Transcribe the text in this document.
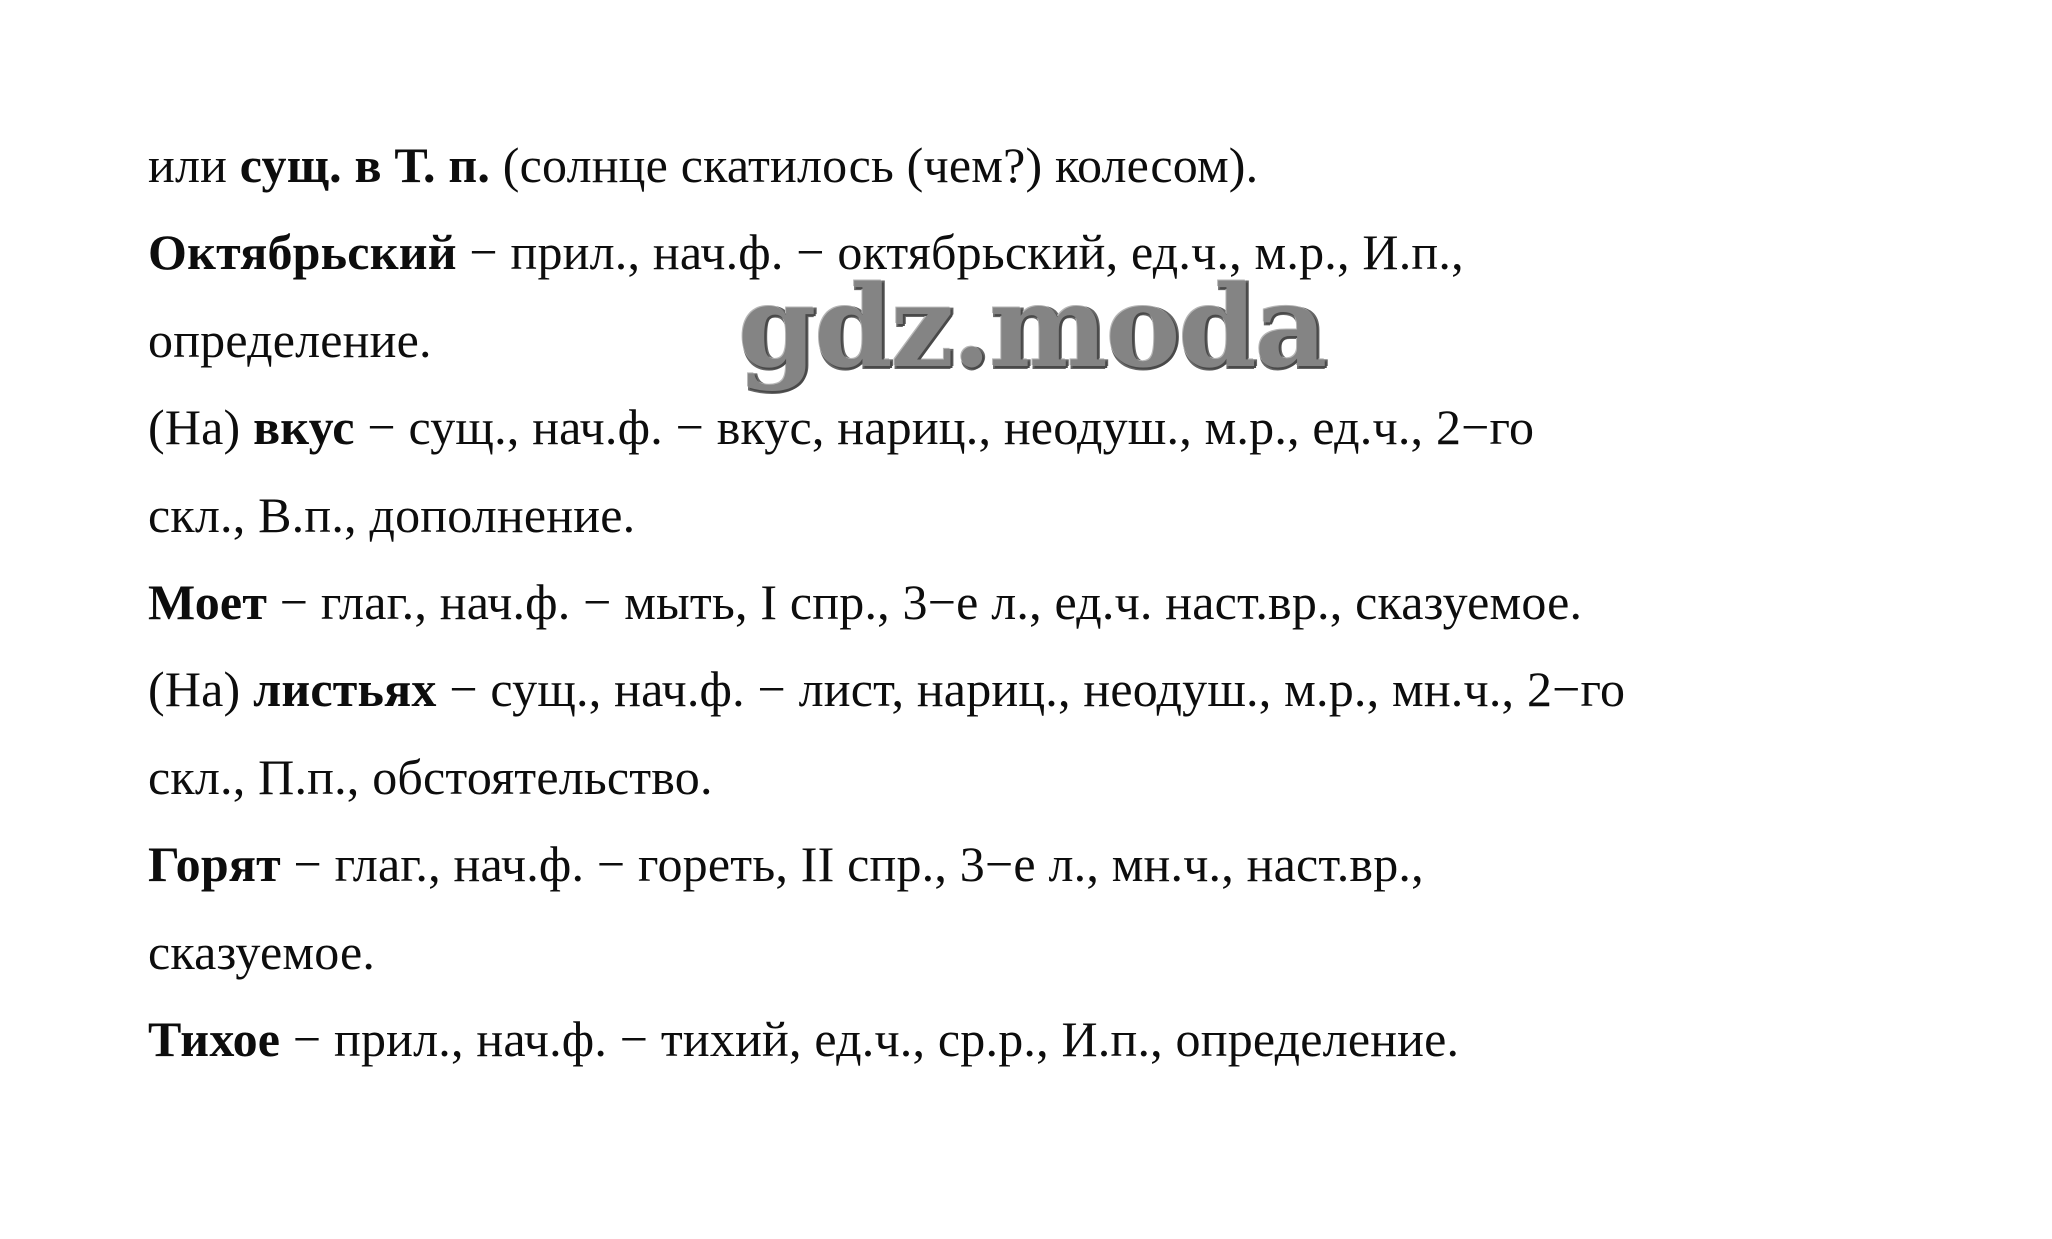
или сущ. в Т. п. (солнце скатилось (чем?) колесом).
Октябрьский − прил., нач.ф. − октябрьский, ед.ч., м.р., И.п.,
определение.
(На) вкус − сущ., нач.ф. − вкус, нариц., неодуш., м.р., ед.ч., 2−го
скл., В.п., дополнение.
Моет − глаг., нач.ф. − мыть, I спр., 3−е л., ед.ч. наст.вр., сказуемое.
(На) листьях − сущ., нач.ф. − лист, нариц., неодуш., м.р., мн.ч., 2−го
скл., П.п., обстоятельство.
Горят − глаг., нач.ф. − гореть, II спр., 3−е л., мн.ч., наст.вр.,
сказуемое.
Тихое − прил., нач.ф. − тихий, ед.ч., ср.р., И.п., определение.
gdz.moda
